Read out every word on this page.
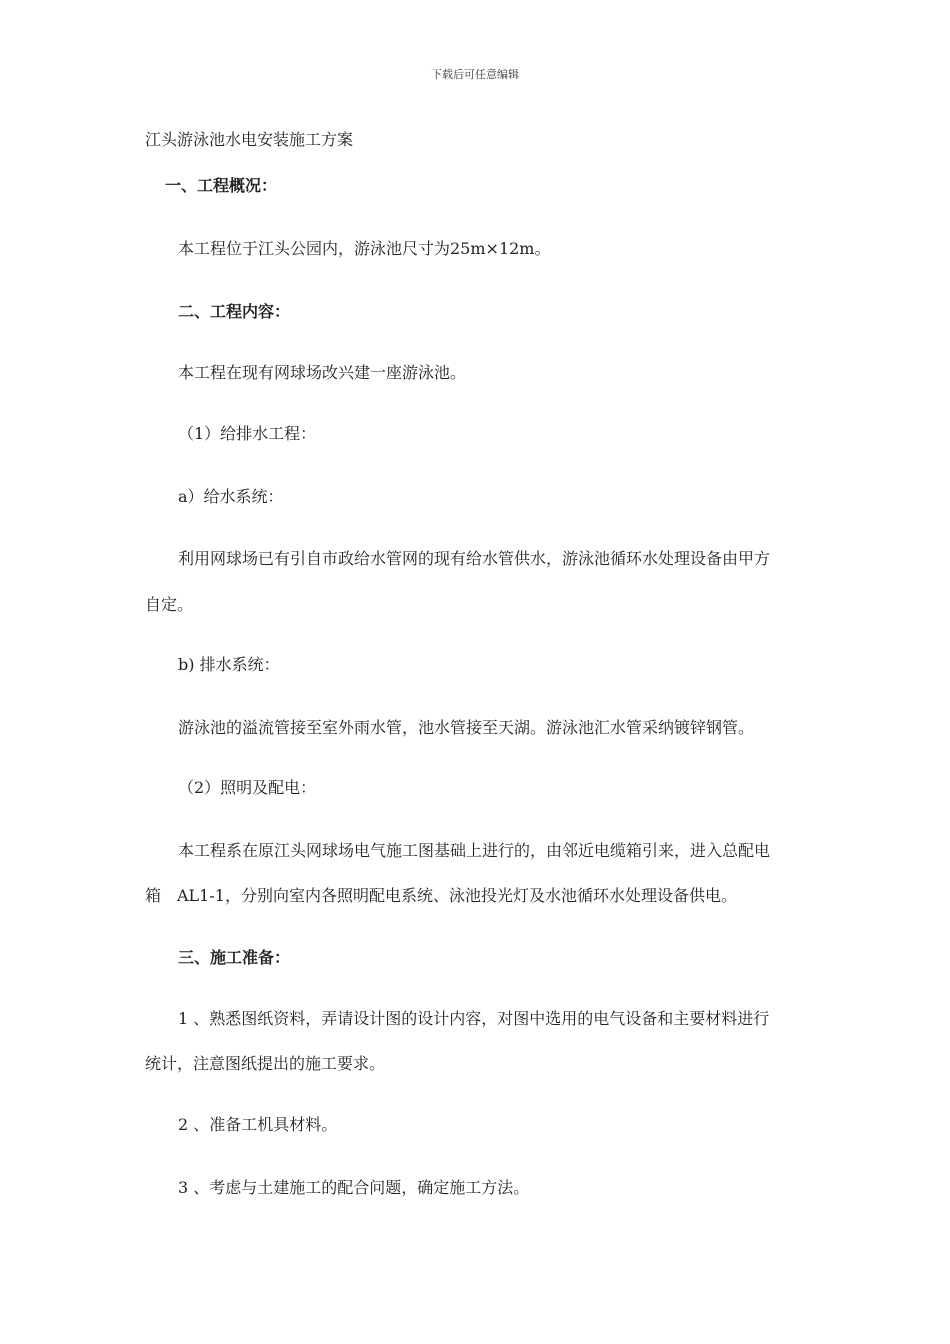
下载后可任意编辑
江头游泳池水电安装施工方案
一、工程概况：
本工程位于江头公园内，游泳池尺寸为25m×12m。
二、工程内容：
本工程在现有网球场改兴建一座游泳池。
（1）给排水工程：
a）给水系统：
利用网球场已有引自市政给水管网的现有给水管供水，游泳池循环水处理设备由甲方
自定。
b) 排水系统：
游泳池的溢流管接至室外雨水管，池水管接至天湖。游泳池汇水管采纳镀锌钢管。
（2）照明及配电：
本工程系在原江头网球场电气施工图基础上进行的，由邻近电缆箱引来，进入总配电
箱　AL1-1，分别向室内各照明配电系统、泳池投光灯及水池循环水处理设备供电。
三、施工准备：
1 、熟悉图纸资料，弄请设计图的设计内容，对图中选用的电气设备和主要材料进行
统计，注意图纸提出的施工要求。
2 、准备工机具材料。
3 、考虑与土建施工的配合问题，确定施工方法。
